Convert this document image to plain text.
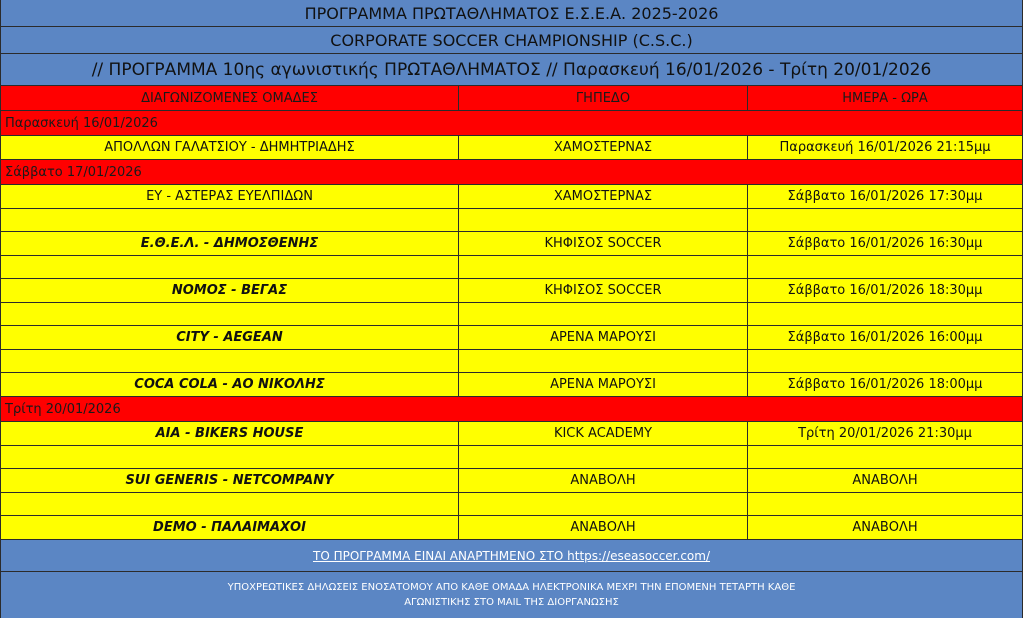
ΠΡΟΓΡΑΜΜΑ ΠΡΩΤΑΘΛΗΜΑΤΟΣ Ε.Σ.Ε.Α. 2025-2026
CORPORATE SOCCER CHAMPIONSHIP (C.S.C.)
// ΠΡΟΓΡΑΜΜΑ 10ης αγωνιστικής ΠΡΩΤΑΘΛΗΜΑΤΟΣ // Παρασκευή 16/01/2026 - Τρίτη 20/01/2026
ΔΙΑΓΩΝΙΖΟΜΕΝΕΣ ΟΜΑΔΕΣ	ΓΗΠΕΔΟ	ΗΜΕΡΑ - ΩΡΑ
Παρασκευή 16/01/2026
ΑΠΟΛΛΩΝ ΓΑΛΑΤΣΙΟΥ - ΔΗΜΗΤΡΙΑΔΗΣ	ΧΑΜΟΣΤΕΡΝΑΣ	Παρασκευή 16/01/2026 21:15μμ
Σάββατο 17/01/2026
ΕΥ - ΑΣΤΕΡΑΣ ΕΥΕΛΠΙΔΩΝ	ΧΑΜΟΣΤΕΡΝΑΣ	Σάββατο 16/01/2026 17:30μμ
Ε.Θ.Ε.Λ. - ΔΗΜΟΣΘΕΝΗΣ	ΚΗΦΙΣΟΣ SOCCER	Σάββατο 16/01/2026 16:30μμ
ΝΟΜΟΣ - ΒΕΓΑΣ	ΚΗΦΙΣΟΣ SOCCER	Σάββατο 16/01/2026 18:30μμ
CITY - AEGEAN	ΑΡΕΝΑ ΜΑΡΟΥΣΙ	Σάββατο 16/01/2026 16:00μμ
COCA COLA - ΑΟ ΝΙΚΟΛΗΣ	ΑΡΕΝΑ ΜΑΡΟΥΣΙ	Σάββατο 16/01/2026 18:00μμ
Τρίτη 20/01/2026
AIA - BIKERS HOUSE	KICK ACADEMY	Τρίτη 20/01/2026 21:30μμ
SUI GENERIS - NETCOMPANY	ΑΝΑΒΟΛΗ	ΑΝΑΒΟΛΗ
DEMO - ΠΑΛΑΙΜΑΧΟΙ	ΑΝΑΒΟΛΗ	ΑΝΑΒΟΛΗ
ΤΟ ΠΡΟΓΡΑΜΜΑ ΕΙΝΑΙ ΑΝΑΡΤΗΜΕΝΟ ΣΤΟ https://eseasoccer.com/
ΥΠΟΧΡΕΩΤΙΚΕΣ ΔΗΛΩΣΕΙΣ ΕΝΟΣΑΤΟΜΟΥ ΑΠΟ ΚΑΘΕ ΟΜΑΔΑ ΗΛΕΚΤΡΟΝΙΚΑ ΜΕΧΡΙ ΤΗΝ ΕΠΟΜΕΝΗ ΤΕΤΑΡΤΗ ΚΑΘΕ
ΑΓΩΝΙΣΤΙΚΗΣ ΣΤΟ MAIL ΤΗΣ ΔΙΟΡΓΑΝΩΣΗΣ
